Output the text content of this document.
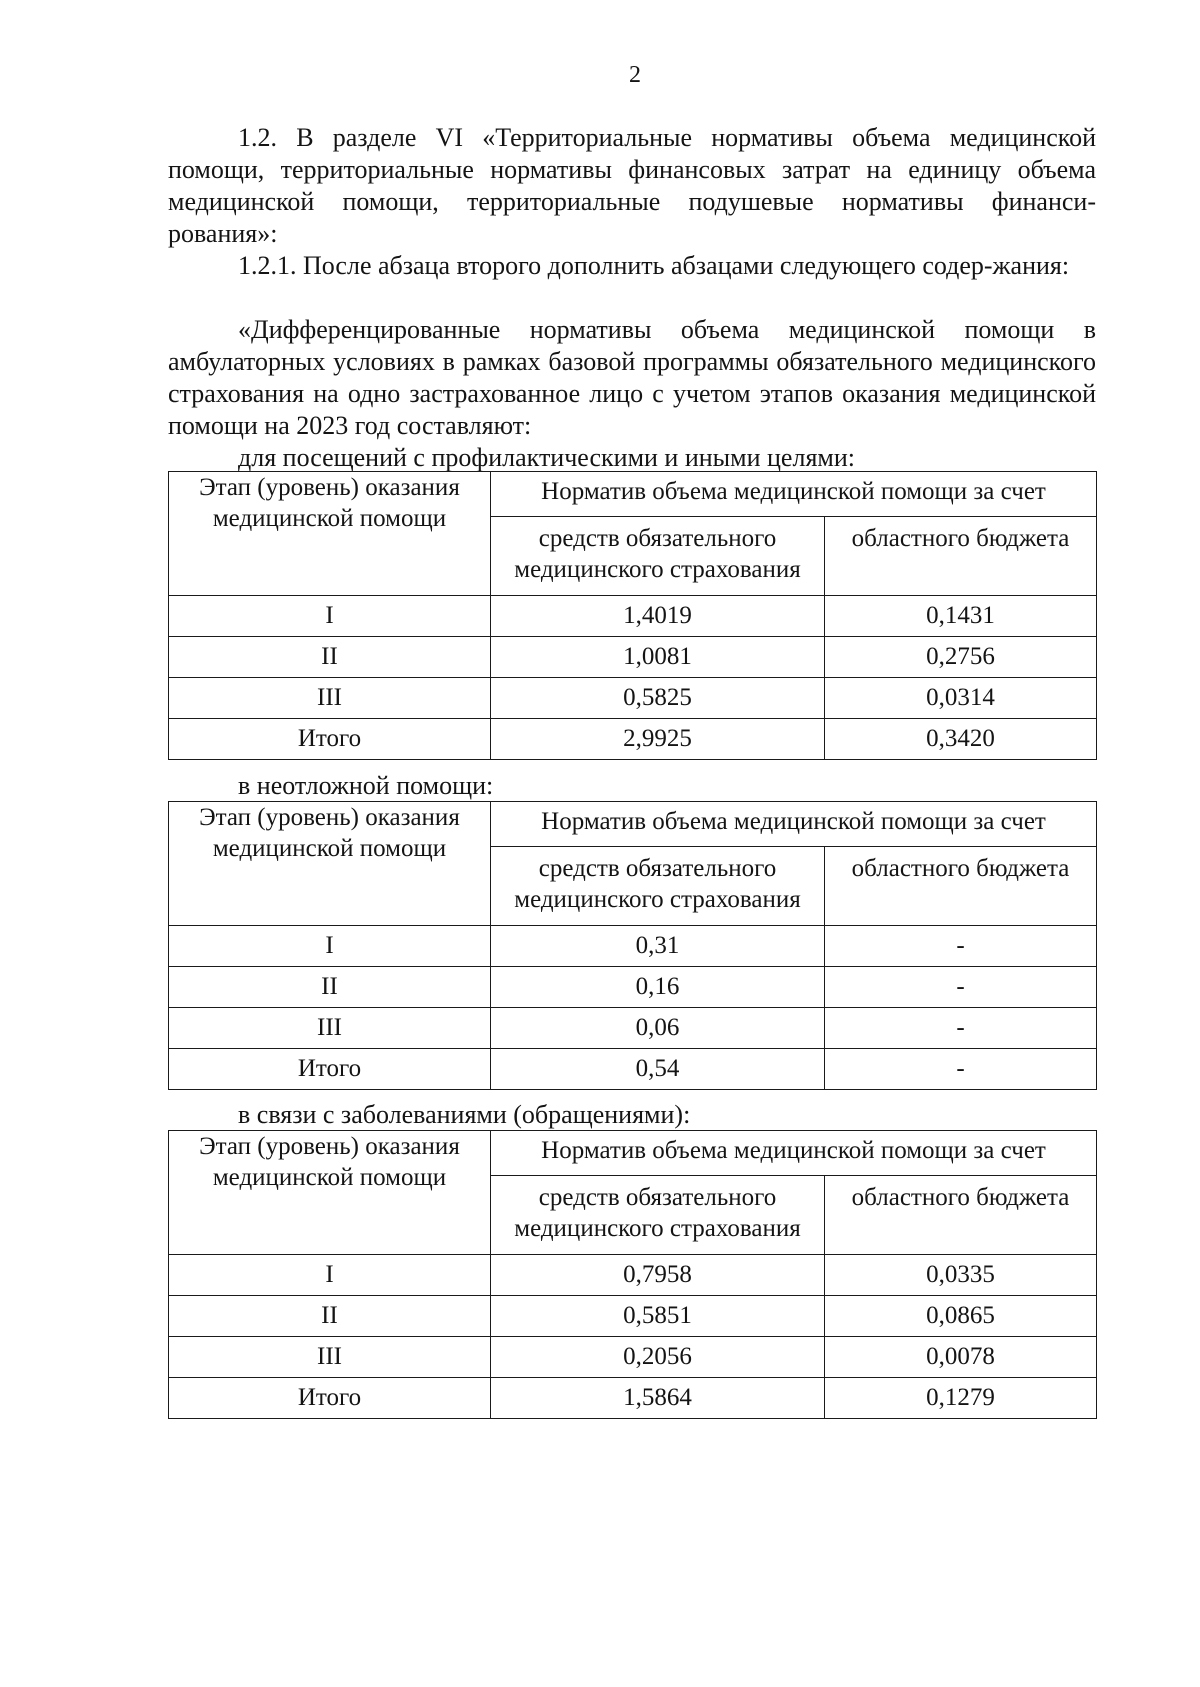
2

1.2. В разделе VI «Территориальные нормативы объема медицинской помощи, территориальные нормативы финансовых затрат на единицу объема медицинской помощи, территориальные подушевые нормативы финанси-рования»:

1.2.1. После абзаца второго дополнить абзацами следующего содер-жания:

«Дифференцированные нормативы объема медицинской помощи в амбулаторных условиях в рамках базовой программы обязательного медицинского страхования на одно застрахованное лицо с учетом этапов оказания медицинской помощи на 2023 год составляют:

для посещений с профилактическими и иными целями:
Этап (уровень) оказания медицинской помощи	Норматив объема медицинской помощи за счет	
	средств обязательного медицинского страхования	областного бюджета
I	1,4019	0,1431
II	1,0081	0,2756
III	0,5825	0,0314
Итого	2,9925	0,3420
в неотложной помощи:
Этап (уровень) оказания медицинской помощи	Норматив объема медицинской помощи за счет	
	средств обязательного медицинского страхования	областного бюджета
I	0,31	-
II	0,16	-
III	0,06	-
Итого	0,54	-
в связи с заболеваниями (обращениями):
Этап (уровень) оказания медицинской помощи	Норматив объема медицинской помощи за счет	
	средств обязательного медицинского страхования	областного бюджета
I	0,7958	0,0335
II	0,5851	0,0865
III	0,2056	0,0078
Итого	1,5864	0,1279
